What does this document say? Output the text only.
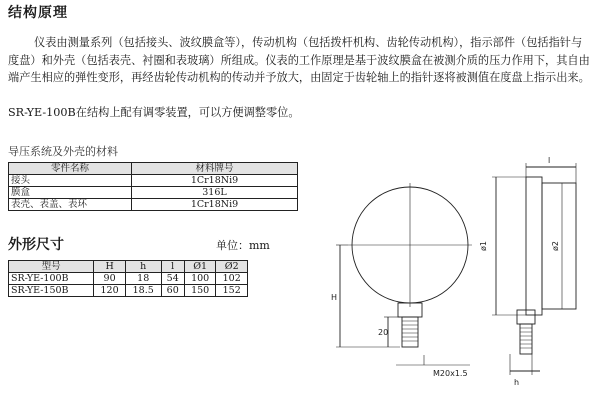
结构原理
仪表由测量系列（包括接头、波纹膜盒等），传动机构（包括拨杆机构、齿轮传动机构），指示部件（包括指针与度盘）和外壳（包括表壳、衬圈和表玻璃）所组成。仪表的工作原理是基于波纹膜盒在被测介质的压力作用下，其自由端产生相应的弹性变形，再经齿轮传动机构的传动并予放大，由固定于齿轮轴上的指针逐将被测值在度盘上指示出来。
SR-YE-100B在结构上配有调零装置，可以方便调整零位。
导压系统及外壳的材料
零件名称	材料牌号
接头	1Cr18Ni9
膜盒	316L
表壳、表盖、表环	1Cr18Ni9
外形尺寸	单位：mm
型号	H	h	l	Ø1	Ø2
SR-YE-100B	90	18	54	100	102
SR-YE-150B	120	18.5	60	150	152
H
20
M20x1.5
l
ø1	ø2
h
